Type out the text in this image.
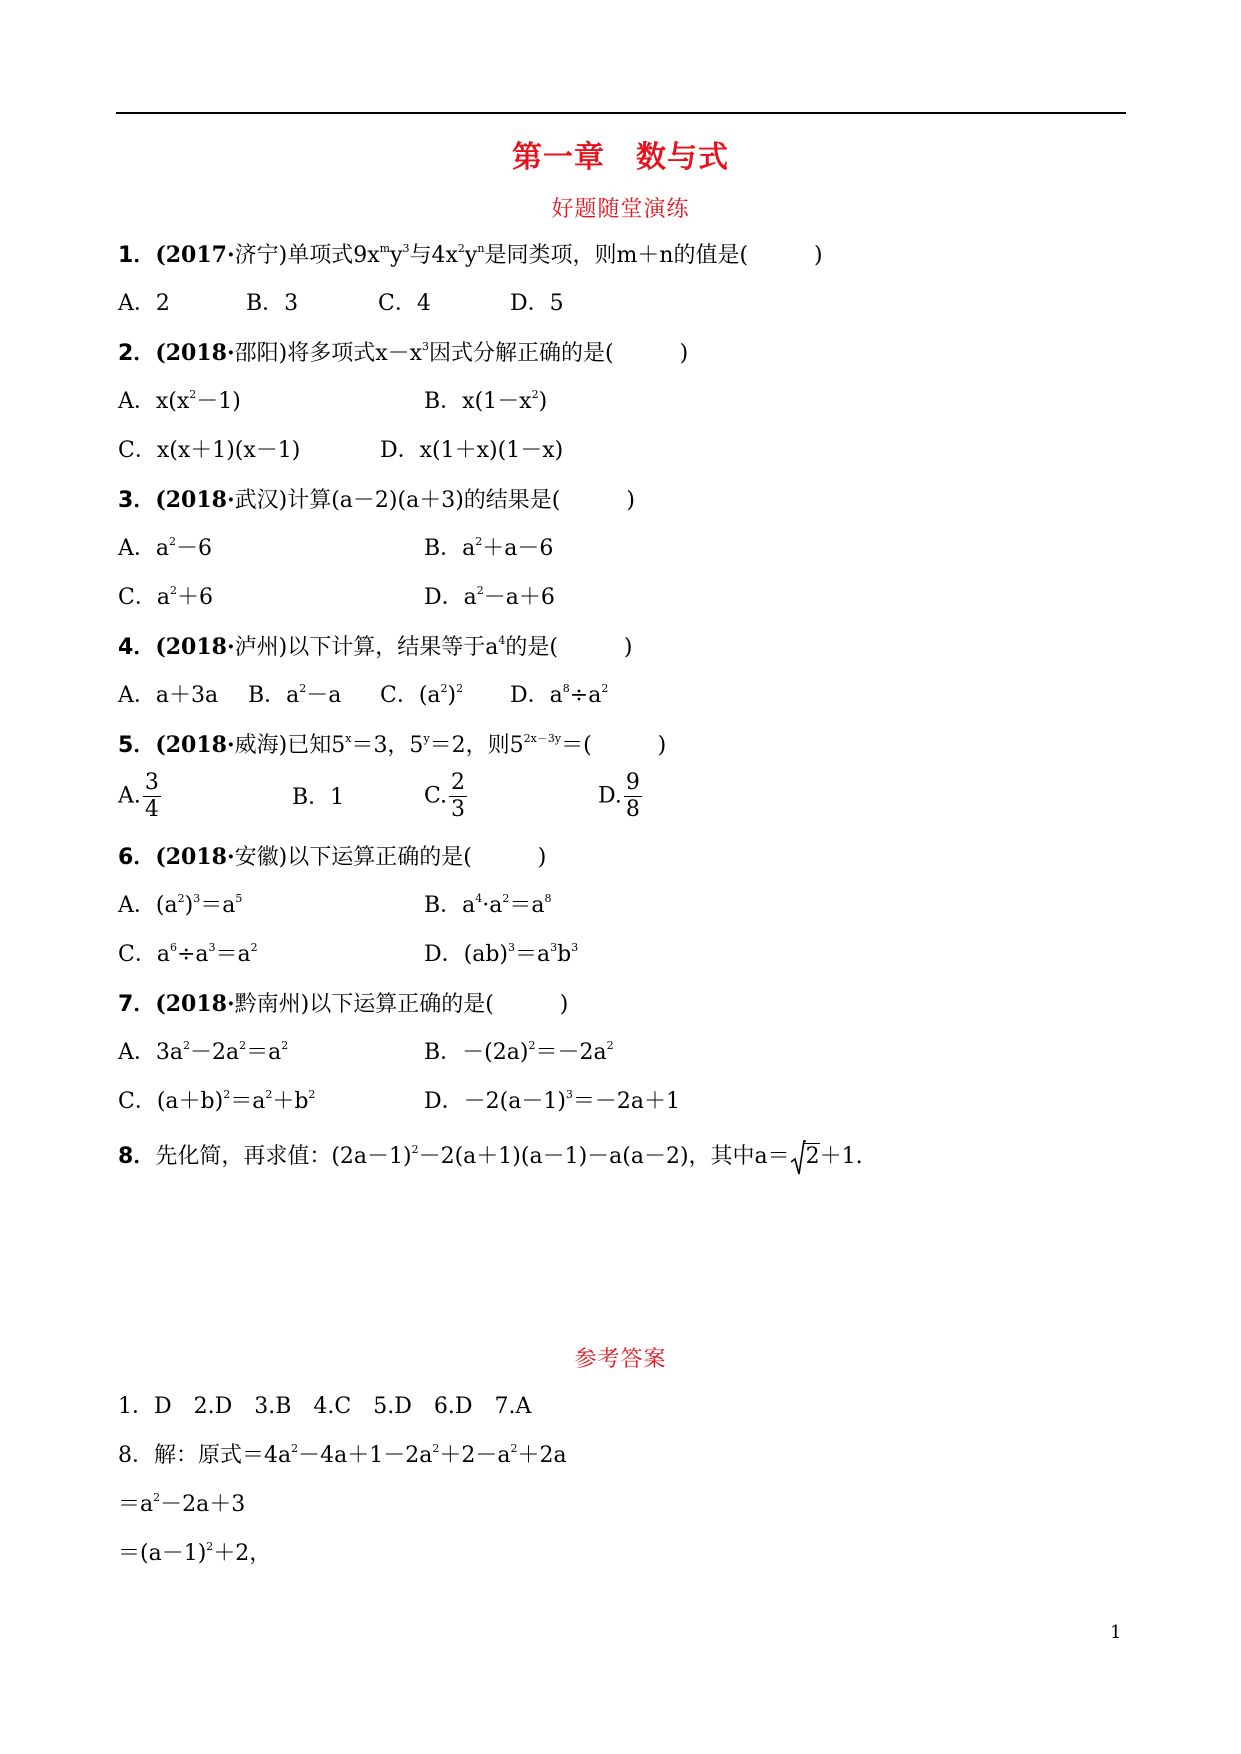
第一章　数与式
好题随堂演练
1．(2017·济宁)单项式$9x^my^3$与$4x^2y^n$是同类项，则m＋n的值是(　　　)
A．2	B．3	C．4	D．5
2．(2018·邵阳)将多项式$x-x^3$因式分解正确的是(　　　)
A．$x(x^2-1)$	B．$x(1-x^2)$
C．x(x＋1)(x－1)	D．x(1＋x)(1－x)
3．(2018·武汉)计算(a－2)(a＋3)的结果是(　　　)
A．$a^2-6$	B．$a^2+a-6$
C．$a^2+6$	D．$a^2-a+6$
4．(2018·泸州)以下计算，结果等于$a^4$的是(　　　)
A．a＋3a B．$a^2-a$ C．$(a^2)^2$ D．$a^8\div a^2$
5．(2018·威海)已知$5^x=3$，$5^y=2$，则$5^{2x-3y}=$(　　　)
A. $\frac{3}{4}$	B．1	C. $\frac{2}{3}$	D. $\frac{9}{8}$
6．(2018·安徽)以下运算正确的是(　　　)
A．$(a^2)^3=a^5$	B．$a^4\cdot a^2=a^8$
C．$a^6\div a^3=a^2$	D．$(ab)^3=a^3b^3$
7．(2018·黔南州)以下运算正确的是(　　　)
A．$3a^2-2a^2=a^2$	B．$-(2a)^2=-2a^2$
C．$(a+b)^2=a^2+b^2$	D．$-2(a-1)^3=-2a+1$
8．先化简，再求值：$(2a-1)^2-2(a+1)(a-1)-a(a-2)$，其中a＝ 2＋1.
参考答案
1．D　2.D　3.B　4.C　5.D　6.D　7.A
8．解：原式$=4a^2-4a+1-2a^2+2-a^2+2a$
$=a^2-2a+3$
$=(a-1)^2+2$，
1
